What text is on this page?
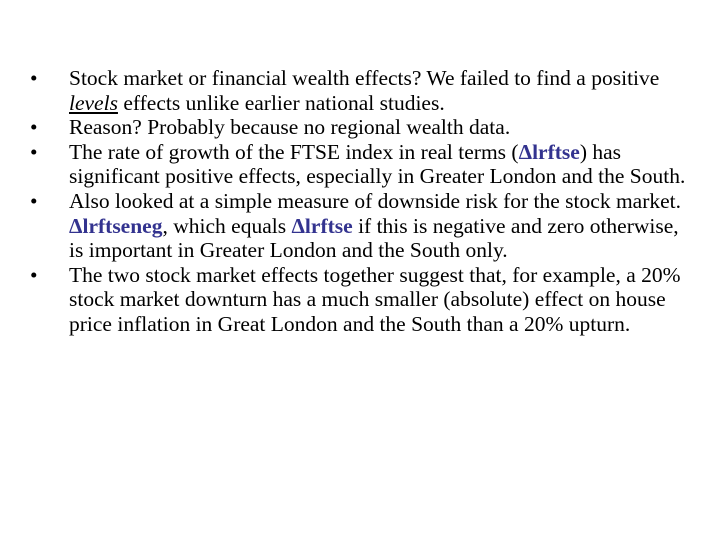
•	Stock market or financial wealth effects? We failed to find a positive levels effects unlike earlier national studies.
•	Reason? Probably because no regional wealth data.
•	The rate of growth of the FTSE index in real terms (Δlrftse) has significant positive effects, especially in Greater London and the South.
•	Also looked at a simple measure of downside risk for the stock market. Δlrftseneg, which equals Δlrftse if this is negative and zero otherwise, is important in Greater London and the South only.
•	The two stock market effects together suggest that, for example, a 20% stock market downturn has a much smaller (absolute) effect on house price inflation in Great London and the South than a 20% upturn.
